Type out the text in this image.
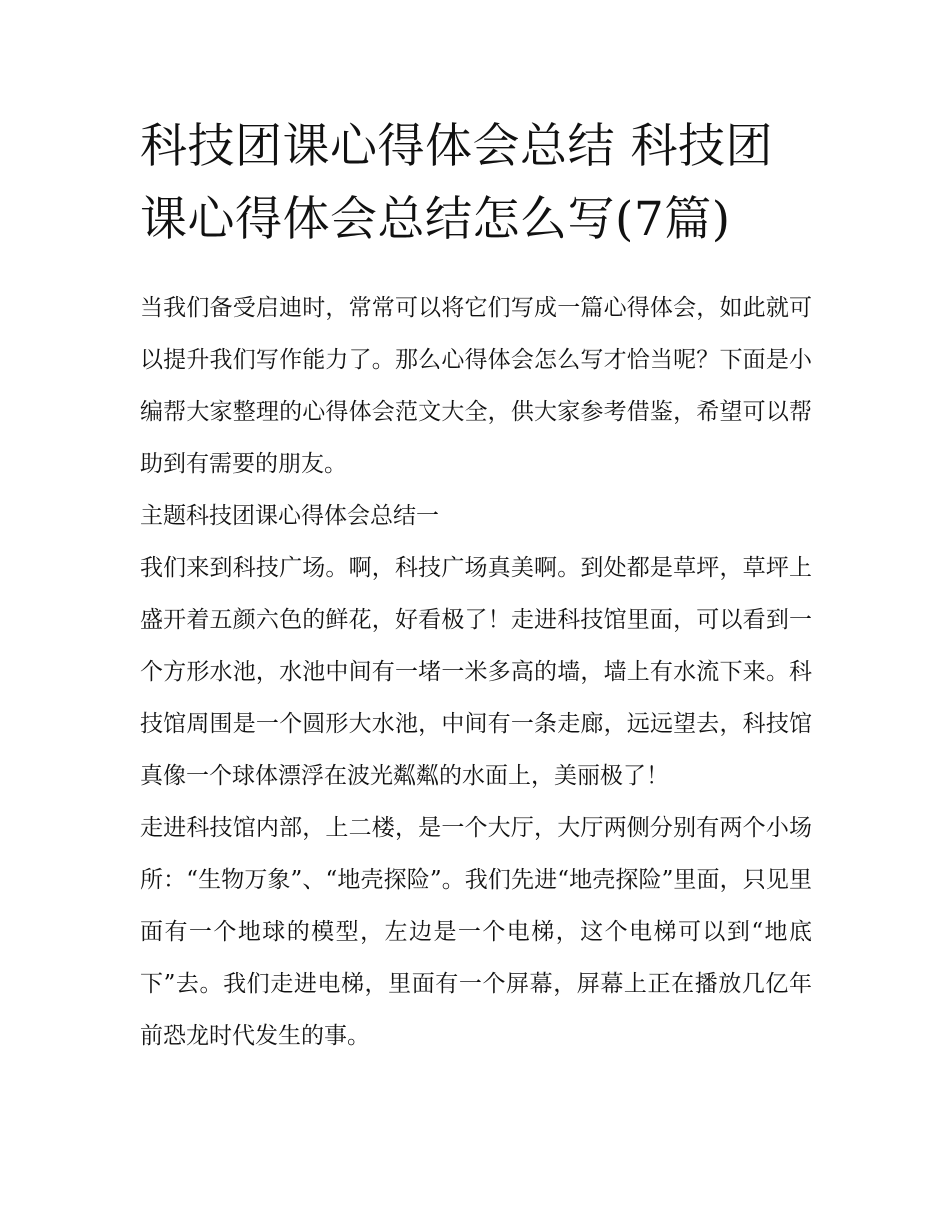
科技团课心得体会总结 科技团课心得体会总结怎么写(7篇)

当我们备受启迪时，常常可以将它们写成一篇心得体会，如此就可以提升我们写作能力了。那么心得体会怎么写才恰当呢？下面是小编帮大家整理的心得体会范文大全，供大家参考借鉴，希望可以帮助到有需要的朋友。

主题科技团课心得体会总结一

我们来到科技广场。啊，科技广场真美啊。到处都是草坪，草坪上盛开着五颜六色的鲜花，好看极了！走进科技馆里面，可以看到一个方形水池，水池中间有一堵一米多高的墙，墙上有水流下来。科技馆周围是一个圆形大水池，中间有一条走廊，远远望去，科技馆真像一个球体漂浮在波光粼粼的水面上，美丽极了！

走进科技馆内部，上二楼，是一个大厅，大厅两侧分别有两个小场所：“生物万象”、“地壳探险”。我们先进“地壳探险”里面，只见里面有一个地球的模型，左边是一个电梯，这个电梯可以到“地底下”去。我们走进电梯，里面有一个屏幕，屏幕上正在播放几亿年前恐龙时代发生的事。
